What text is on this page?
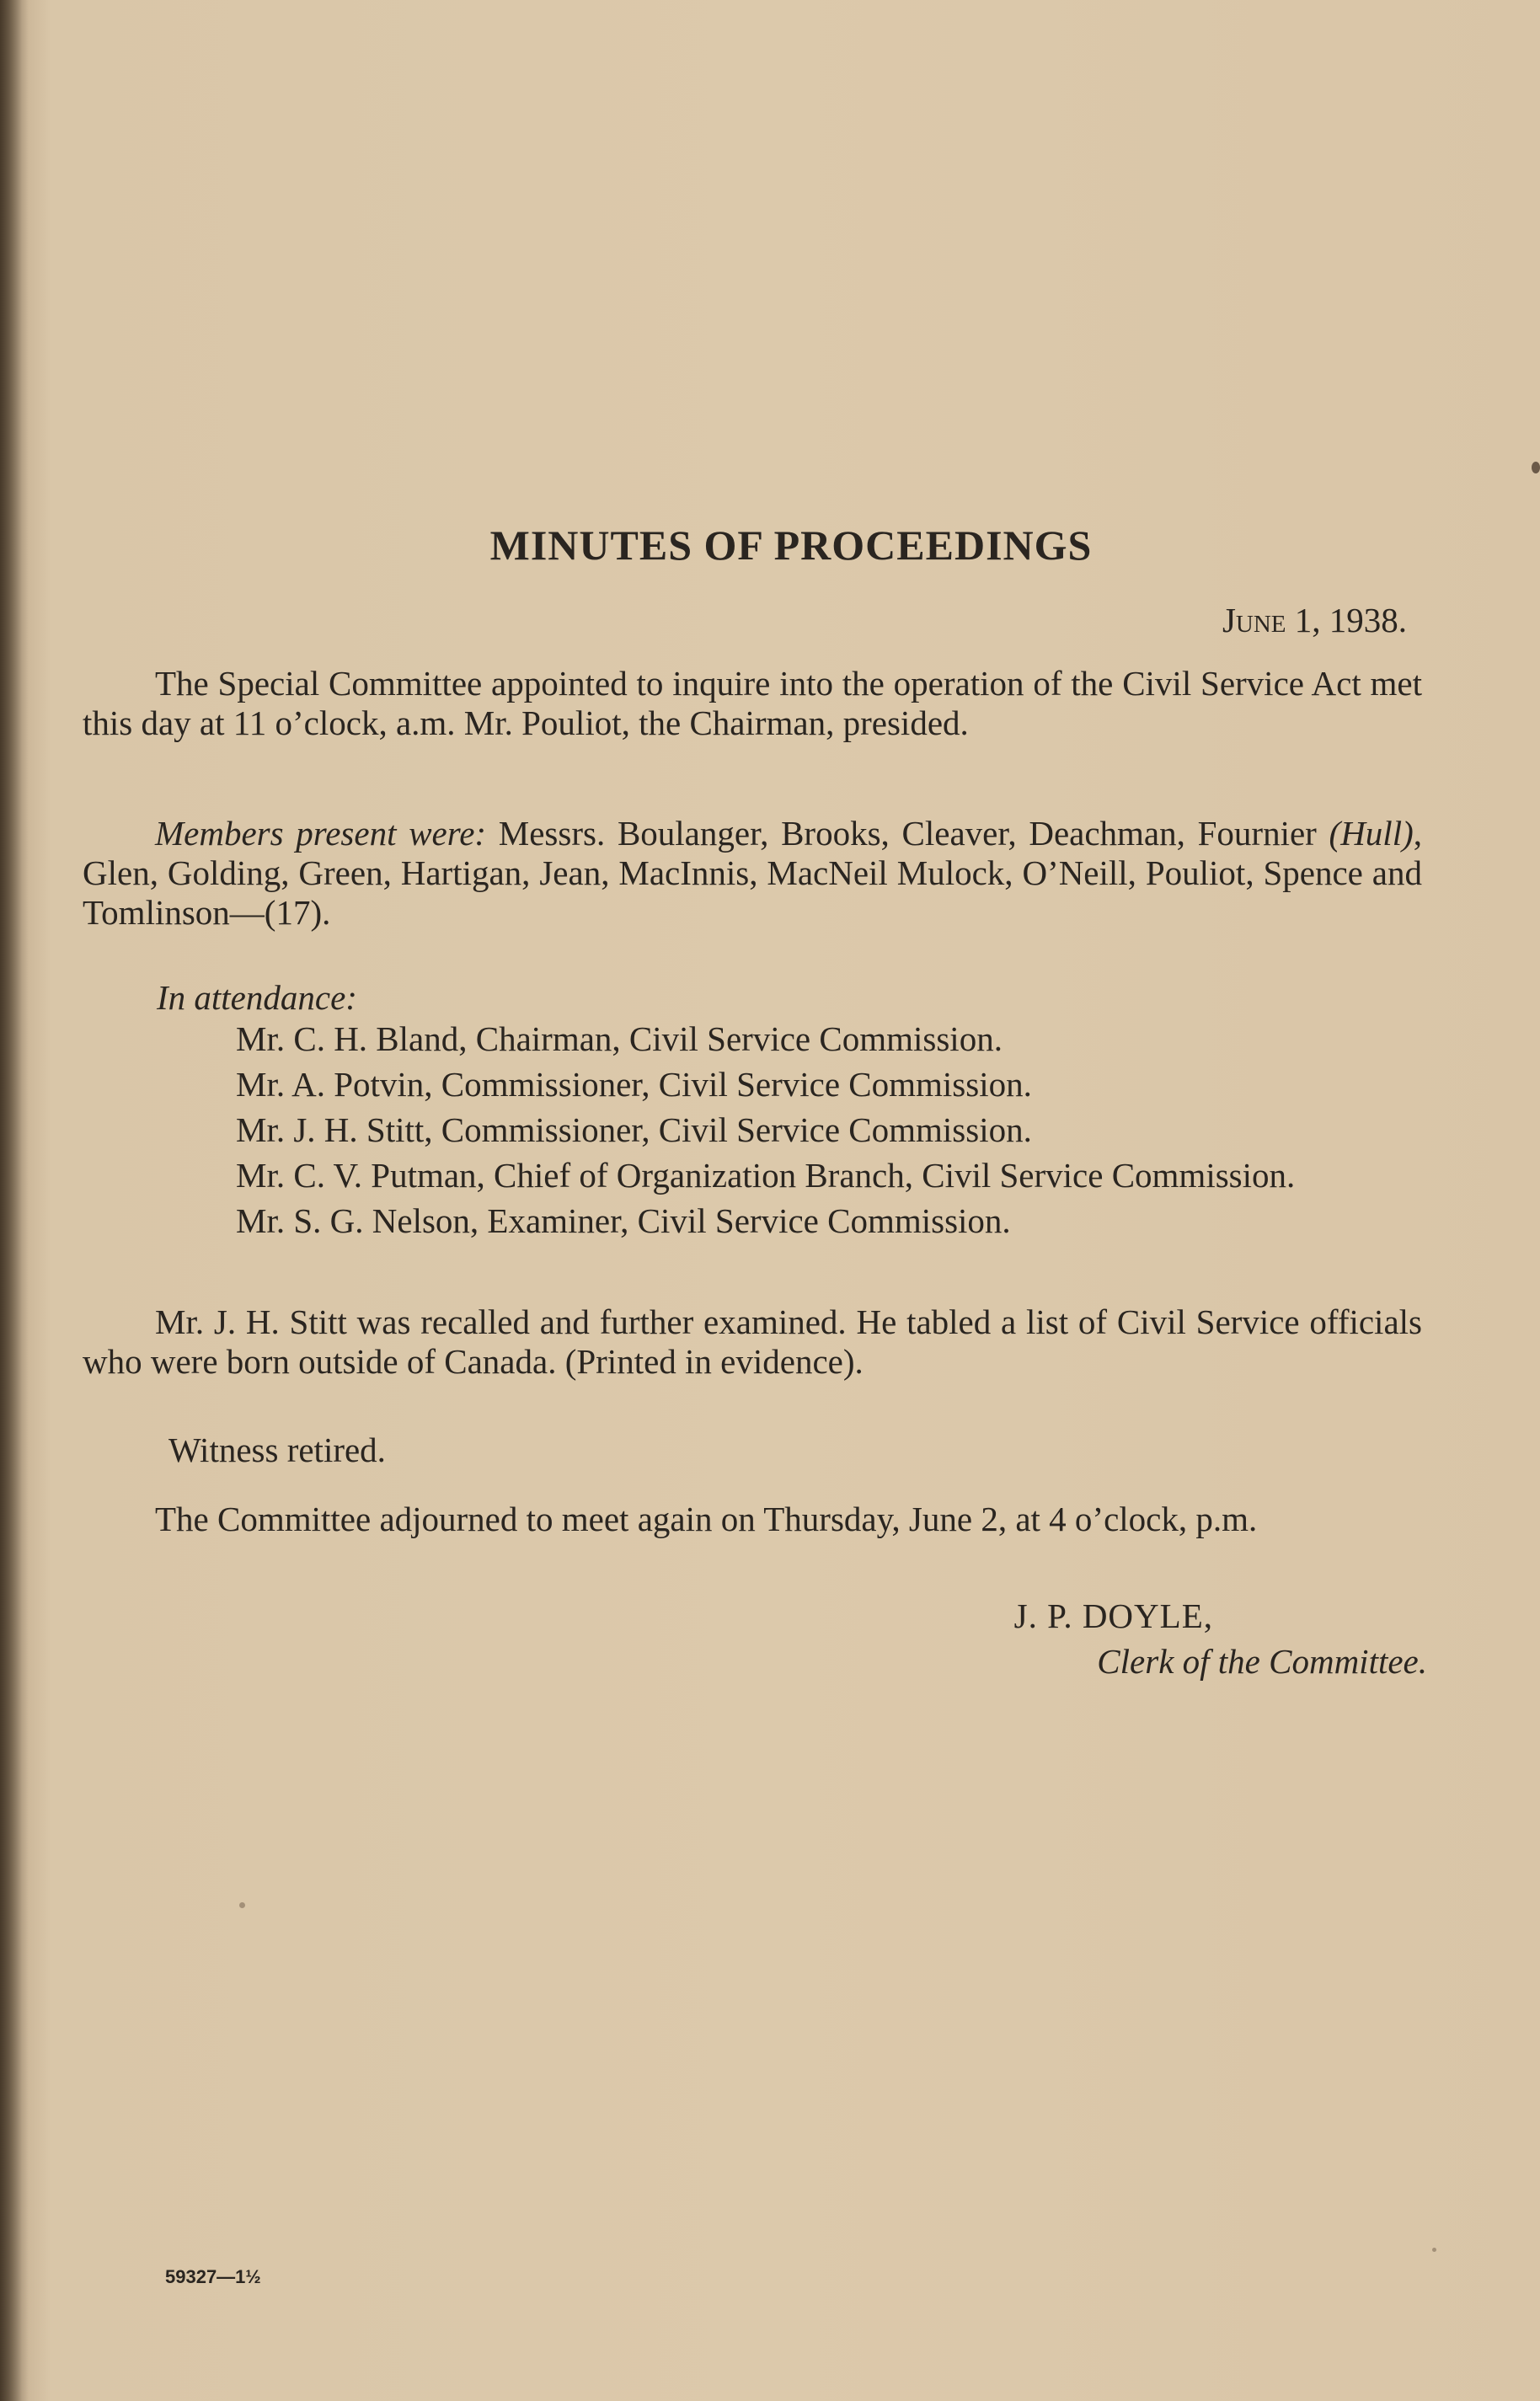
MINUTES OF PROCEEDINGS
June 1, 1938.
The Special Committee appointed to inquire into the operation of the Civil Service Act met this day at 11 o’clock, a.m. Mr. Pouliot, the Chairman, presided.
Members present were: Messrs. Boulanger, Brooks, Cleaver, Deachman, Fournier (Hull), Glen, Golding, Green, Hartigan, Jean, MacInnis, MacNeil Mulock, O’Neill, Pouliot, Spence and Tomlinson—(17).
In attendance:
Mr. C. H. Bland, Chairman, Civil Service Commission.
Mr. A. Potvin, Commissioner, Civil Service Commission.
Mr. J. H. Stitt, Commissioner, Civil Service Commission.
Mr. C. V. Putman, Chief of Organization Branch, Civil Service Commission.
Mr. S. G. Nelson, Examiner, Civil Service Commission.
Mr. J. H. Stitt was recalled and further examined. He tabled a list of Civil Service officials who were born outside of Canada. (Printed in evidence).
Witness retired.
The Committee adjourned to meet again on Thursday, June 2, at 4 o’clock, p.m.
J. P. DOYLE,
Clerk of the Committee.
59327—1½
